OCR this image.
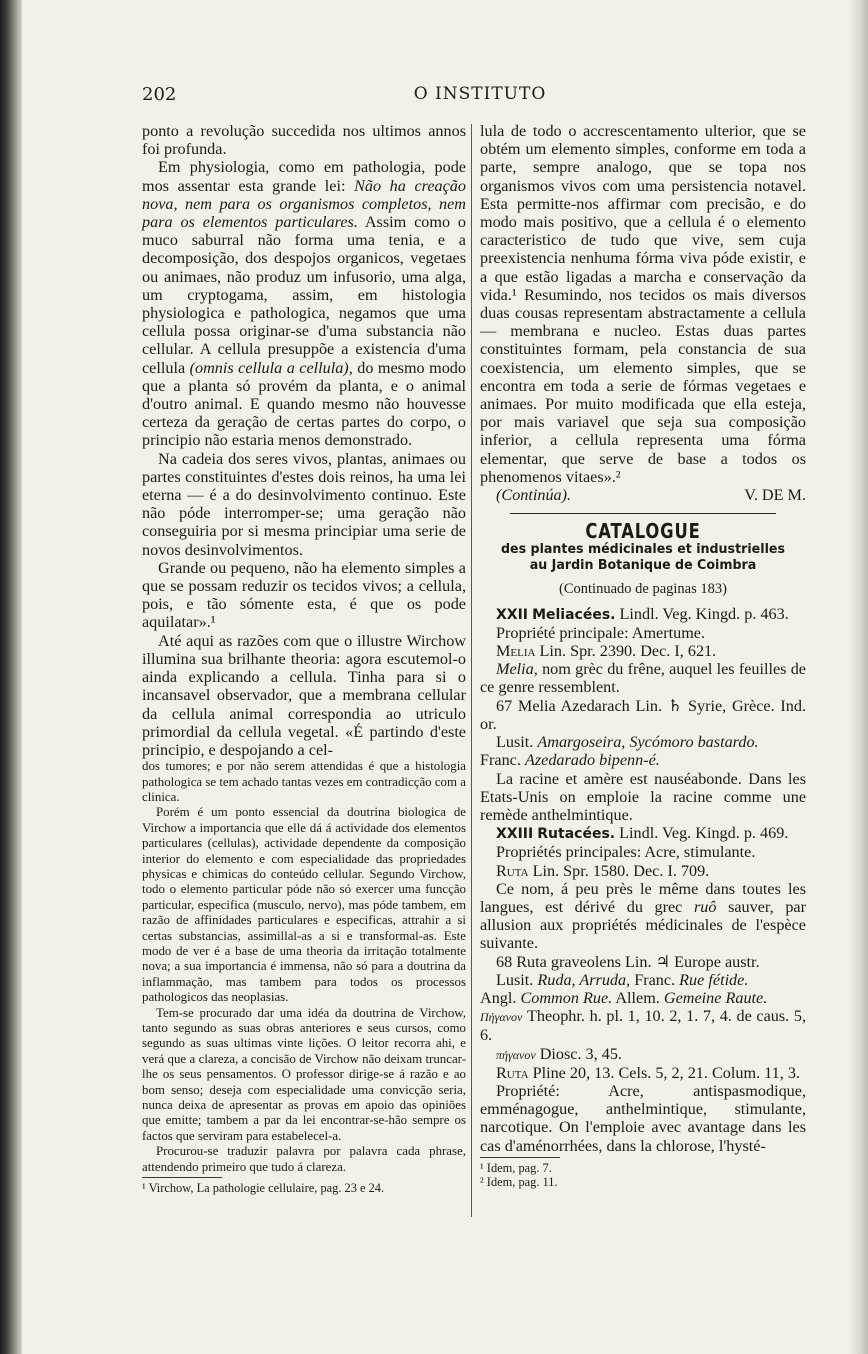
202	O INSTITUTO

ponto a revolução succedida nos ultimos annos foi profunda.

Em physiologia, como em pathologia, pode mos assentar esta grande lei: Não ha creação nova, nem para os organismos completos, nem para os elementos particulares. Assim como o muco saburral não forma uma tenia, e a decomposição, dos despojos organicos, vegetaes ou animaes, não produz um infusorio, uma alga, um cryptogama, assim, em histologia physiologica e pathologica, negamos que uma cellula possa originar-se d'uma substancia não cellular. A cellula presuppõe a existencia d'uma cellula (omnis cellula a cellula), do mesmo modo que a planta só provém da planta, e o animal d'outro animal. E quando mesmo não houvesse certeza da geração de certas partes do corpo, o principio não estaria menos demonstrado.

Na cadeia dos seres vivos, plantas, animaes ou partes constituintes d'estes dois reinos, ha uma lei eterna — é a do desinvolvimento continuo. Este não póde interromper-se; uma geração não conseguiria por si mesma principiar uma serie de novos desinvolvimentos.

Grande ou pequeno, não ha elemento simples a que se possam reduzir os tecidos vivos; a cellula, pois, e tão sómente esta, é que os pode aquilatar».¹

Até aqui as razões com que o illustre Wirchow illumina sua brilhante theoria: agora escutemol-o ainda explicando a cellula. Tinha para si o incansavel observador, que a membrana cellular da cellula animal correspondia ao utriculo primordial da cellula vegetal. «É partindo d'este principio, e despojando a cel-

dos tumores; e por não serem attendidas é que a histologia pathologica se tem achado tantas vezes em contradicção com a clinica.

Porém é um ponto essencial da doutrina biologica de Virchow a importancia que elle dá á actividade dos elementos particulares (cellulas), actividade dependente da composição interior do elemento e com especialidade das propriedades physicas e chimicas do conteúdo cellular. Segundo Virchow, todo o elemento particular póde não só exercer uma funcção particular, especifica (musculo, nervo), mas póde tambem, em razão de affinidades particulares e especificas, attrahir a si certas substancias, assimillal-as a si e transformal-as. Este modo de ver é a base de uma theoria da irritação totalmente nova; a sua importancia é immensa, não só para a doutrina da inflammação, mas tambem para todos os processos pathologicos das neoplasias.

Tem-se procurado dar uma idéa da doutrina de Virchow, tanto segundo as suas obras anteriores e seus cursos, como segundo as suas ultimas vinte lições. O leitor recorra ahi, e verá que a clareza, a concisão de Virchow não deixam truncar-lhe os seus pensamentos. O professor dirige-se á razão e ao bom senso; deseja com especialidade uma convicção seria, nunca deixa de apresentar as provas em apoio das opiniões que emitte; tambem a par da lei encontrar-se-hão sempre os factos que serviram para estabelecel-a.

Procurou-se traduzir palavra por palavra cada phrase, attendendo primeiro que tudo á clareza.

¹ Virchow, La pathologie cellulaire, pag. 23 e 24.

lula de todo o accrescentamento ulterior, que se obtém um elemento simples, conforme em toda a parte, sempre analogo, que se topa nos organismos vivos com uma persistencia notavel. Esta permitte-nos affirmar com precisão, e do modo mais positivo, que a cellula é o elemento caracteristico de tudo que vive, sem cuja preexistencia nenhuma fórma viva póde existir, e a que estão ligadas a marcha e conservação da vida.¹ Resumindo, nos tecidos os mais diversos duas cousas representam abstractamente a cellula — membrana e nucleo. Estas duas partes constituintes formam, pela constancia de sua coexistencia, um elemento simples, que se encontra em toda a serie de fórmas vegetaes e animaes. Por muito modificada que ella esteja, por mais variavel que seja sua composição inferior, a cellula representa uma fórma elementar, que serve de base a todos os phenomenos vitaes».²

(Continúa).	V. DE M.

CATALOGUE
des plantes médicinales et industrielles
au Jardin Botanique de Coimbra
(Continuado de paginas 183)

XXII Meliacées. Lindl. Veg. Kingd. p. 463.

Propriété principale: Amertume.

Melia Lin. Spr. 2390. Dec. I, 621.

Melia, nom grèc du frêne, auquel les feuilles de ce genre ressemblent.

67 Melia Azedarach Lin. ♄ Syrie, Grèce. Ind. or.

Lusit. Amargoseira, Sycómoro bastardo.

Franc. Azedarado bipenn-é.

La racine et amère est nauséabonde. Dans les Etats-Unis on emploie la racine comme une remède anthelmintique.

XXIII Rutacées. Lindl. Veg. Kingd. p. 469.

Propriétés principales: Acre, stimulante.

Ruta Lin. Spr. 1580. Dec. I. 709.

Ce nom, á peu près le même dans toutes les langues, est dérivé du grec ruô sauver, par allusion aux propriétés médicinales de l'espèce suivante.

68 Ruta graveolens Lin. ♃ Europe austr.

Lusit. Ruda, Arruda, Franc. Rue fétide.

Angl. Common Rue. Allem. Gemeine Raute.

Πήγανον Theophr. h. pl. 1, 10. 2, 1. 7, 4. de caus. 5, 6.

πήγανον Diosc. 3, 45.

Ruta Pline 20, 13. Cels. 5, 2, 21. Colum. 11, 3.

Propriété: Acre, antispasmodique, emménagogue, anthelmintique, stimulante, narcotique. On l'emploie avec avantage dans les cas d'aménorrhées, dans la chlorose, l'hysté-

¹ Idem, pag. 7.

² Idem, pag. 11.
